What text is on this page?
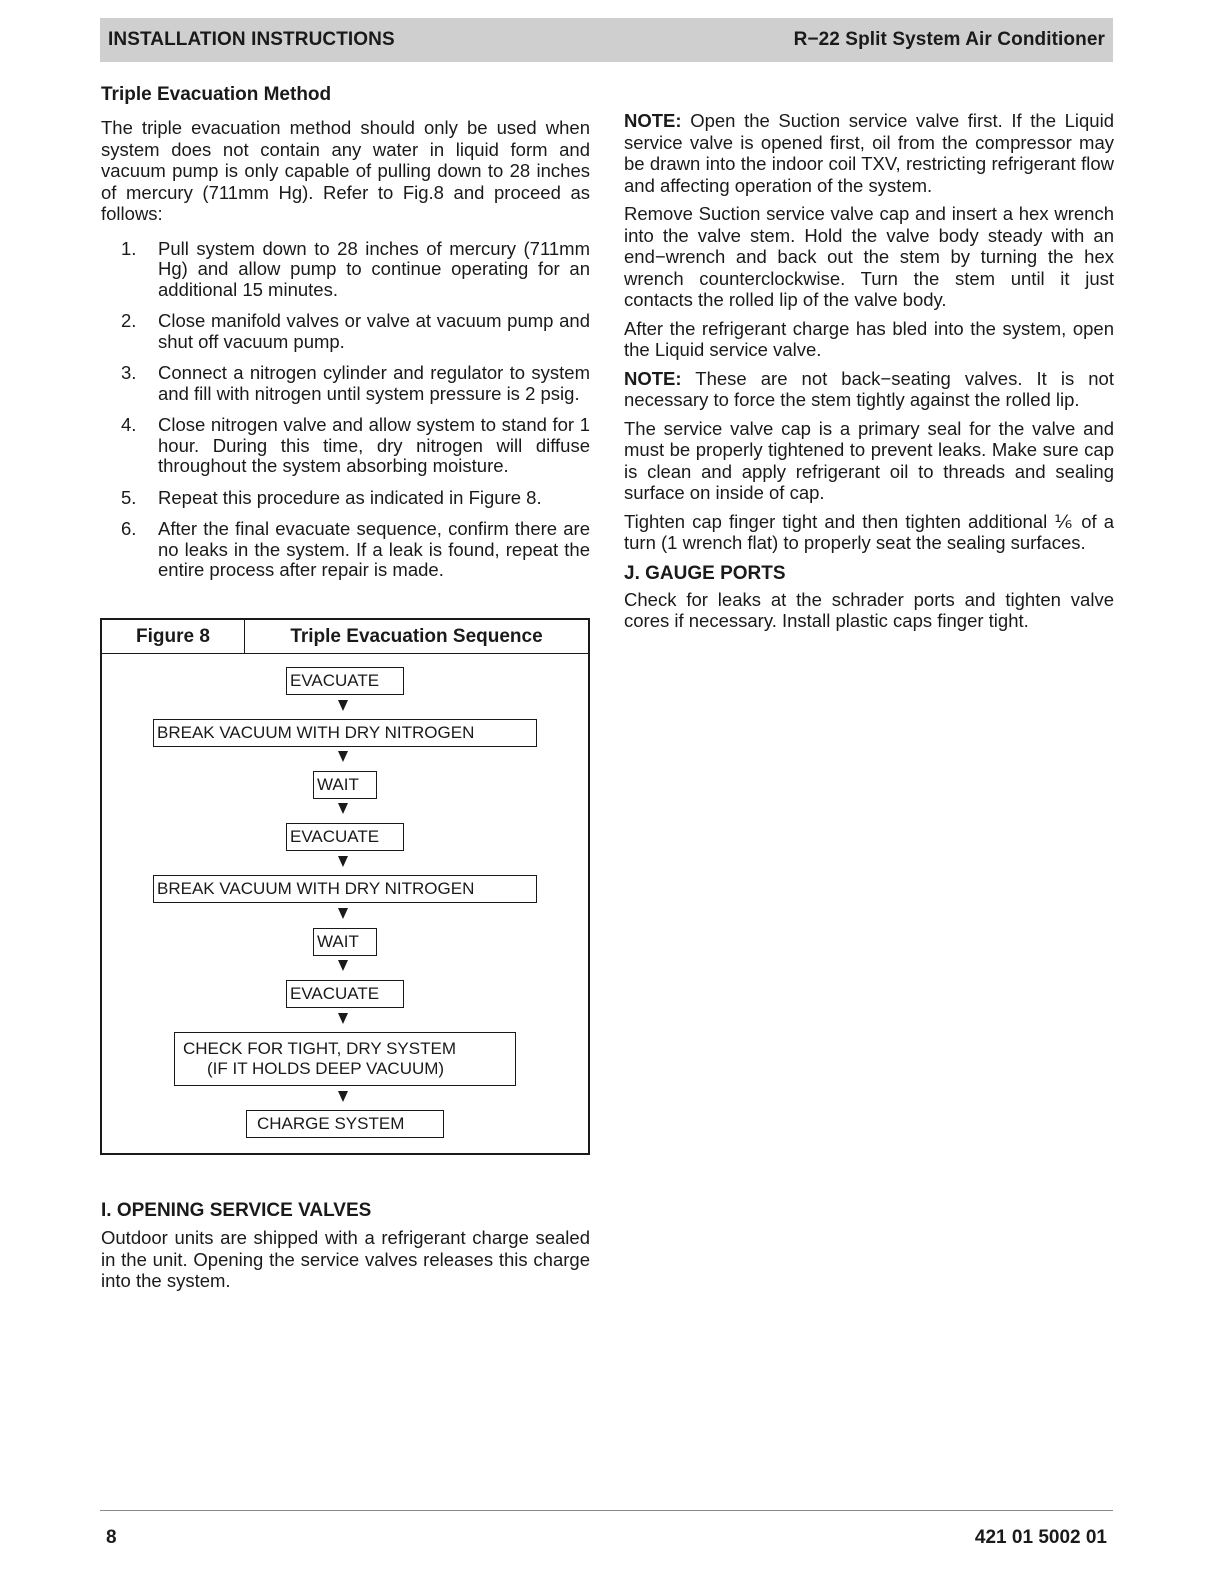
INSTALLATION INSTRUCTIONS	R−22 Split System Air Conditioner
Triple Evacuation Method

The triple evacuation method should only be used when system does not contain any water in liquid form and vacuum pump is only capable of pulling down to 28 inches of mercury (711mm Hg). Refer to Fig.8 and proceed as follows:

1.	Pull system down to 28 inches of mercury (711mm Hg) and allow pump to continue operating for an additional 15 minutes.
2.	Close manifold valves or valve at vacuum pump and shut off vacuum pump.
3.	Connect a nitrogen cylinder and regulator to system and fill with nitrogen until system pressure is 2 psig.
4.	Close nitrogen valve and allow system to stand for 1 hour. During this time, dry nitrogen will diffuse throughout the system absorbing moisture.
5.	Repeat this procedure as indicated in Figure 8.
6.	After the final evacuate sequence, confirm there are no leaks in the system. If a leak is found, repeat the entire process after repair is made.
Figure 8	Triple Evacuation Sequence
EVACUATE
BREAK VACUUM WITH DRY NITROGEN
WAIT
EVACUATE
BREAK VACUUM WITH DRY NITROGEN
WAIT
EVACUATE
CHECK FOR TIGHT, DRY SYSTEM
(IF IT HOLDS DEEP VACUUM)
CHARGE SYSTEM
I. OPENING SERVICE VALVES

Outdoor units are shipped with a refrigerant charge sealed in the unit. Opening the service valves releases this charge into the system.

NOTE: Open the Suction service valve first. If the Liquid service valve is opened first, oil from the compressor may be drawn into the indoor coil TXV, restricting refrigerant flow and affecting operation of the system.

Remove Suction service valve cap and insert a hex wrench into the valve stem. Hold the valve body steady with an end−wrench and back out the stem by turning the hex wrench counterclockwise. Turn the stem until it just contacts the rolled lip of the valve body.

After the refrigerant charge has bled into the system, open the Liquid service valve.

NOTE: These are not back−seating valves. It is not necessary to force the stem tightly against the rolled lip.

The service valve cap is a primary seal for the valve and must be properly tightened to prevent leaks. Make sure cap is clean and apply refrigerant oil to threads and sealing surface on inside of cap.

Tighten cap finger tight and then tighten additional ⅙ of a turn (1 wrench flat) to properly seat the sealing surfaces.

J. GAUGE PORTS

Check for leaks at the schrader ports and tighten valve cores if necessary. Install plastic caps finger tight.

8	421 01 5002 01
